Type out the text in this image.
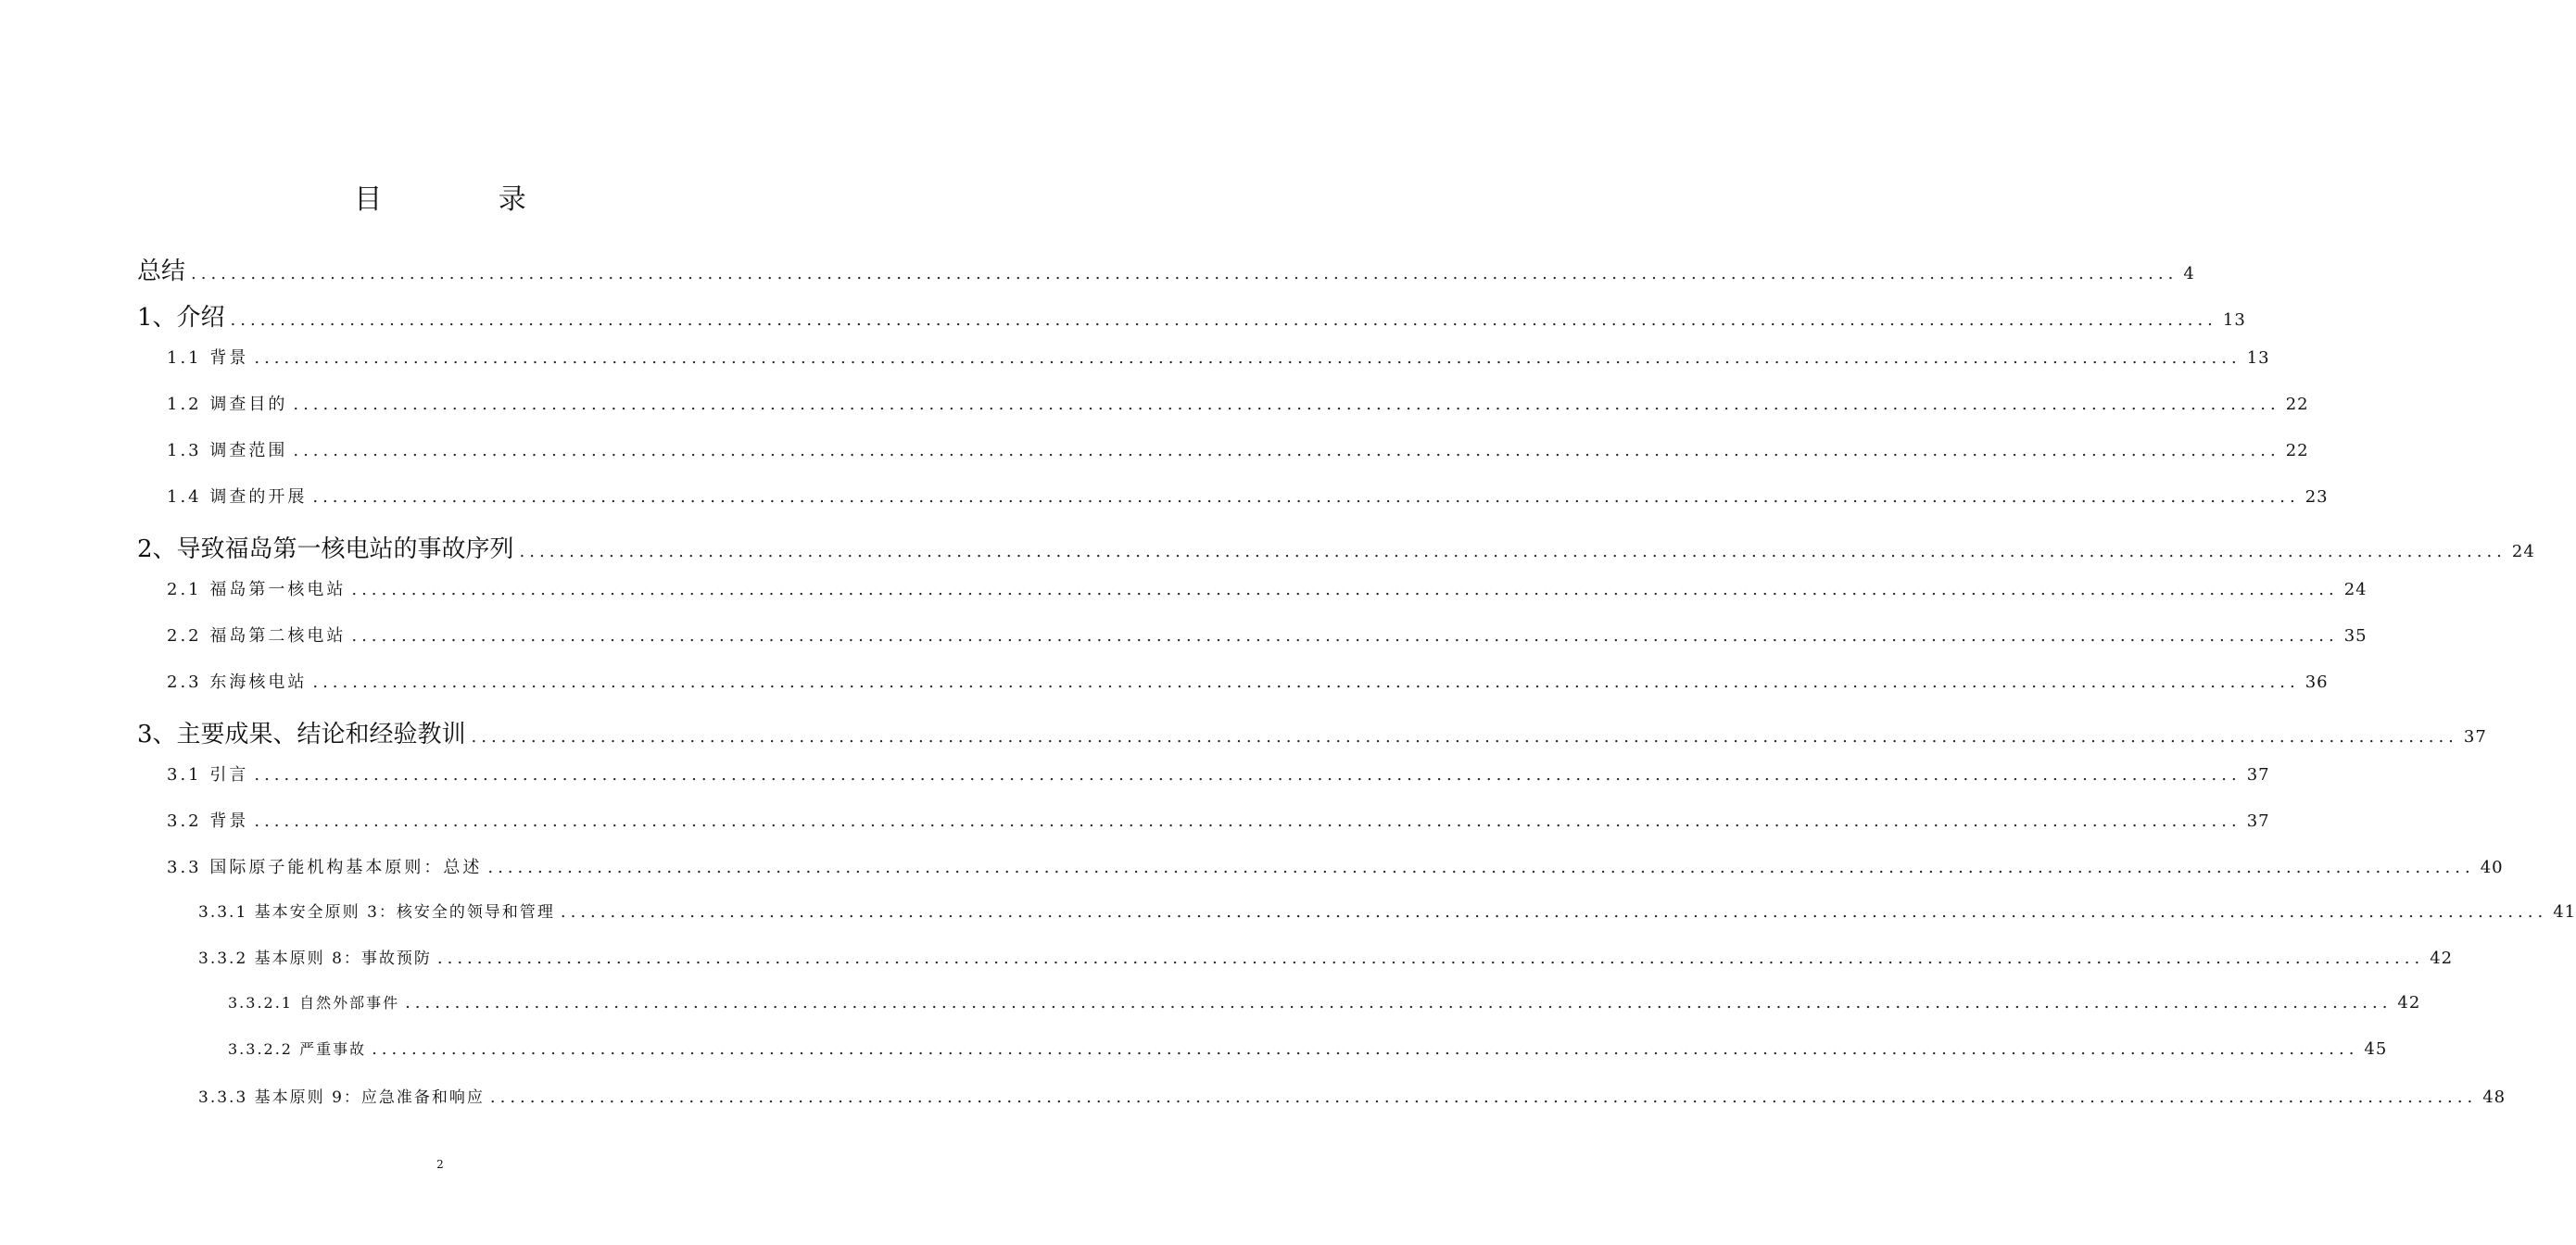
目 录
总结 ........................................................................................................................................................................................................ 4
1、介绍 ........................................................................................................................................................................................................ 13
1.1 背景 ........................................................................................................................................................................................................ 13
1.2 调查目的 ........................................................................................................................................................................................................ 22
1.3 调查范围 ........................................................................................................................................................................................................ 22
1.4 调查的开展 ........................................................................................................................................................................................................ 23
2、导致福岛第一核电站的事故序列 ........................................................................................................................................................................................................ 24
2.1 福岛第一核电站 ........................................................................................................................................................................................................ 24
2.2 福岛第二核电站 ........................................................................................................................................................................................................ 35
2.3 东海核电站 ........................................................................................................................................................................................................ 36
3、主要成果、结论和经验教训 ........................................................................................................................................................................................................ 37
3.1 引言 ........................................................................................................................................................................................................ 37
3.2 背景 ........................................................................................................................................................................................................ 37
3.3 国际原子能机构基本原则：总述 ........................................................................................................................................................................................................ 40
3.3.1 基本安全原则 3：核安全的领导和管理 ........................................................................................................................................................................................................ 41
3.3.2 基本原则 8：事故预防 ........................................................................................................................................................................................................ 42
3.3.2.1 自然外部事件 ........................................................................................................................................................................................................ 42
3.3.2.2 严重事故 ........................................................................................................................................................................................................ 45
3.3.3 基本原则 9：应急准备和响应 ........................................................................................................................................................................................................ 48
2
